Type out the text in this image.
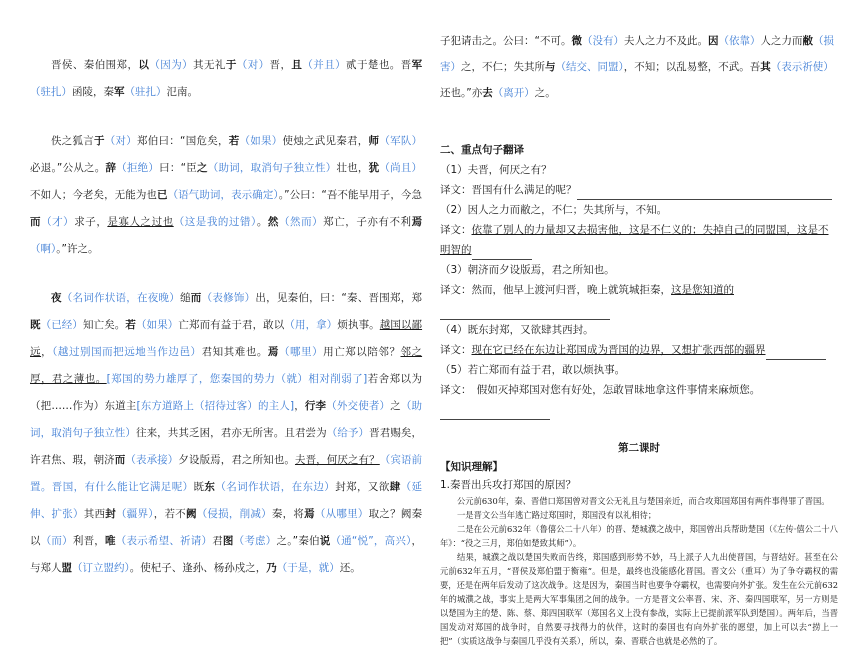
晋侯、秦伯围郑，以（因为）其无礼于（对）晋，且（并且）贰于楚也。晋军（驻扎）函陵，秦军（驻扎）氾南。

佚之狐言于（对）郑伯曰：“国危矣，若（如果）使烛之武见秦君，师（军队）必退。”公从之。辞（拒绝）曰：“臣之（助词，取消句子独立性）壮也，犹（尚且）不如人；今老矣，无能为也已（语气助词，表示确定）。”公曰：“吾不能早用子，今急而（才）求子，是寡人之过也（这是我的过错）。然（然而）郑亡，子亦有不利焉（啊）。”许之。

夜（名词作状语，在夜晚）缒而（表修饰）出，见秦伯，曰：“秦、晋围郑，郑既（已经）知亡矣。若（如果）亡郑而有益于君，敢以（用，拿）烦执事。越国以鄙远，（越过别国而把远地当作边邑）君知其难也。焉（哪里）用亡郑以陪邻？邻之厚，君之薄也。[郑国的势力雄厚了，您秦国的势力（就）相对削弱了]若舍郑以为（把……作为）东道主[东方道路上（招待过客）的主人]，行李（外交使者）之（助词，取消句子独立性）往来，共其乏困，君亦无所害。且君尝为（给予）晋君赐矣，许君焦、瑕，朝济而（表承接）夕设版焉，君之所知也。夫晋，何厌之有？（宾语前置。晋国，有什么能让它满足呢）既东（名词作状语，在东边）封郑，又欲肆（延伸、扩张）其西封（疆界），若不阙（侵损，削减）秦，将焉（从哪里）取之？阙秦以（而）利晋，唯（表示希望、祈请）君图（考虑）之。”秦伯说（通“悦”，高兴），与郑人盟（订立盟约）。使杞子、逢孙、杨孙戍之，乃（于是，就）还。

子犯请击之。公曰：“不可。微（没有）夫人之力不及此。因（依靠）人之力而敝（损害）之，不仁；失其所与（结交、同盟），不知；以乱易整，不武。吾其（表示祈使）还也。”亦去（离开）之。

二、重点句子翻译
（1）夫晋，何厌之有？
译文：晋国有什么满足的呢？
（2）因人之力而敝之，不仁；失其所与，不知。
译文：依靠了别人的力量却又去损害他，这是不仁义的；失掉自己的同盟国，这是不明智的
（3）朝济而夕设版焉，君之所知也。
译文：然而，他早上渡河归晋，晚上就筑城拒秦，这是您知道的
（4）既东封郑，又欲肆其西封。
译文：现在它已经在东边让郑国成为晋国的边界，又想扩张西部的疆界
（5）若亡郑而有益于君，敢以烦执事。
译文：　假如灭掉郑国对您有好处，怎敢冒昧地拿这件事情来麻烦您。
第二课时
【知识理解】
1.秦晋出兵攻打郑国的原因？

公元前630年，秦、晋借口郑国曾对晋文公无礼且与楚国亲近，而合攻郑国郑国有两件事得罪了晋国。

一是晋文公当年逃亡路过郑国时，郑国没有以礼相待；

二是在公元前632年（鲁僖公二十八年）的晋、楚城濮之战中，郑国曾出兵帮助楚国（《左传·僖公二十八年》：“役之三月，郑伯如楚致其师”）。

结果，城濮之战以楚国失败而告终，郑国感到形势不妙，马上派子人九出使晋国，与晋结好。甚至在公元前632年五月，“晋侯及郑伯盟于衡雍”。但是，最终也没能感化晋国。晋文公（重耳）为了争夺霸权的需要，还是在两年后发动了这次战争。这是因为，秦国当时也要争夺霸权，也需要向外扩张。发生在公元前632年的城濮之战，事实上是两大军事集团之间的战争。一方是晋文公率晋、宋、齐、秦四国联军，另一方则是以楚国为主的楚、陈、蔡、郑四国联军（郑国名义上没有参战，实际上已提前派军队到楚国）。两年后，当晋国发动对郑国的战争时，自然要寻找得力的伙伴，这时的秦国也有向外扩张的愿望，加上可以去“捞上一把”（实质这战争与秦国几乎没有关系），所以，秦、晋联合也就是必然的了。
